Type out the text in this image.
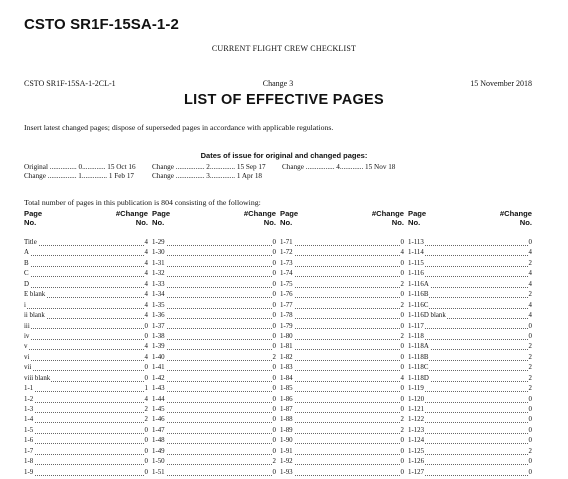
CSTO SR1F-15SA-1-2
CURRENT FLIGHT CREW CHECKLIST
CSTO SR1F-15SA-1-2CL-1	Change 3	15 November 2018
LIST OF EFFECTIVE PAGES
Insert latest changed pages; dispose of superseded pages in accordance with applicable regulations.
Dates of issue for original and changed pages:
Original ............... 0............. 15 Oct 16
Change ................ 1.............. 1 Feb 17
Change ................ 2.............. 15 Sep 17
Change ................ 3.............. 1 Apr 18
Change ................ 4............. 15 Nov 18
Total number of pages in this publication is 804 consisting of the following:
Page
No.
#Change
No.
Title	4
A	4
B	4
C	4
D	4
E blank	4
i	4
ii blank	4
iii	0
iv	0
v	4
vi	4
vii	0
viii blank	0
1-1	1
1-2	4
1-3	2
1-4	2
1-5	0
1-6	0
1-7	0
1-8	0
1-9	0
Page
No.
#Change
No.
1-29	0
1-30	0
1-31	0
1-32	0
1-33	0
1-34	0
1-35	0
1-36	0
1-37	0
1-38	0
1-39	0
1-40	2
1-41	0
1-42	0
1-43	0
1-44	0
1-45	0
1-46	0
1-47	0
1-48	0
1-49	0
1-50	2
1-51	0
Page
No.
#Change
No.
1-71	0
1-72	4
1-73	0
1-74	0
1-75	2
1-76	0
1-77	2
1-78	0
1-79	0
1-80	2
1-81	0
1-82	0
1-83	0
1-84	4
1-85	0
1-86	0
1-87	0
1-88	2
1-89	2
1-90	0
1-91	0
1-92	0
1-93	0
Page
No.
#Change
No.
1-113	0
1-114	4
1-115	2
1-116	4
1-116A	4
1-116B	2
1-116C	4
1-116D blank	4
1-117	0
1-118	0
1-118A	2
1-118B	2
1-118C	2
1-118D	2
1-119	2
1-120	0
1-121	0
1-122	0
1-123	0
1-124	0
1-125	2
1-126	0
1-127	0
